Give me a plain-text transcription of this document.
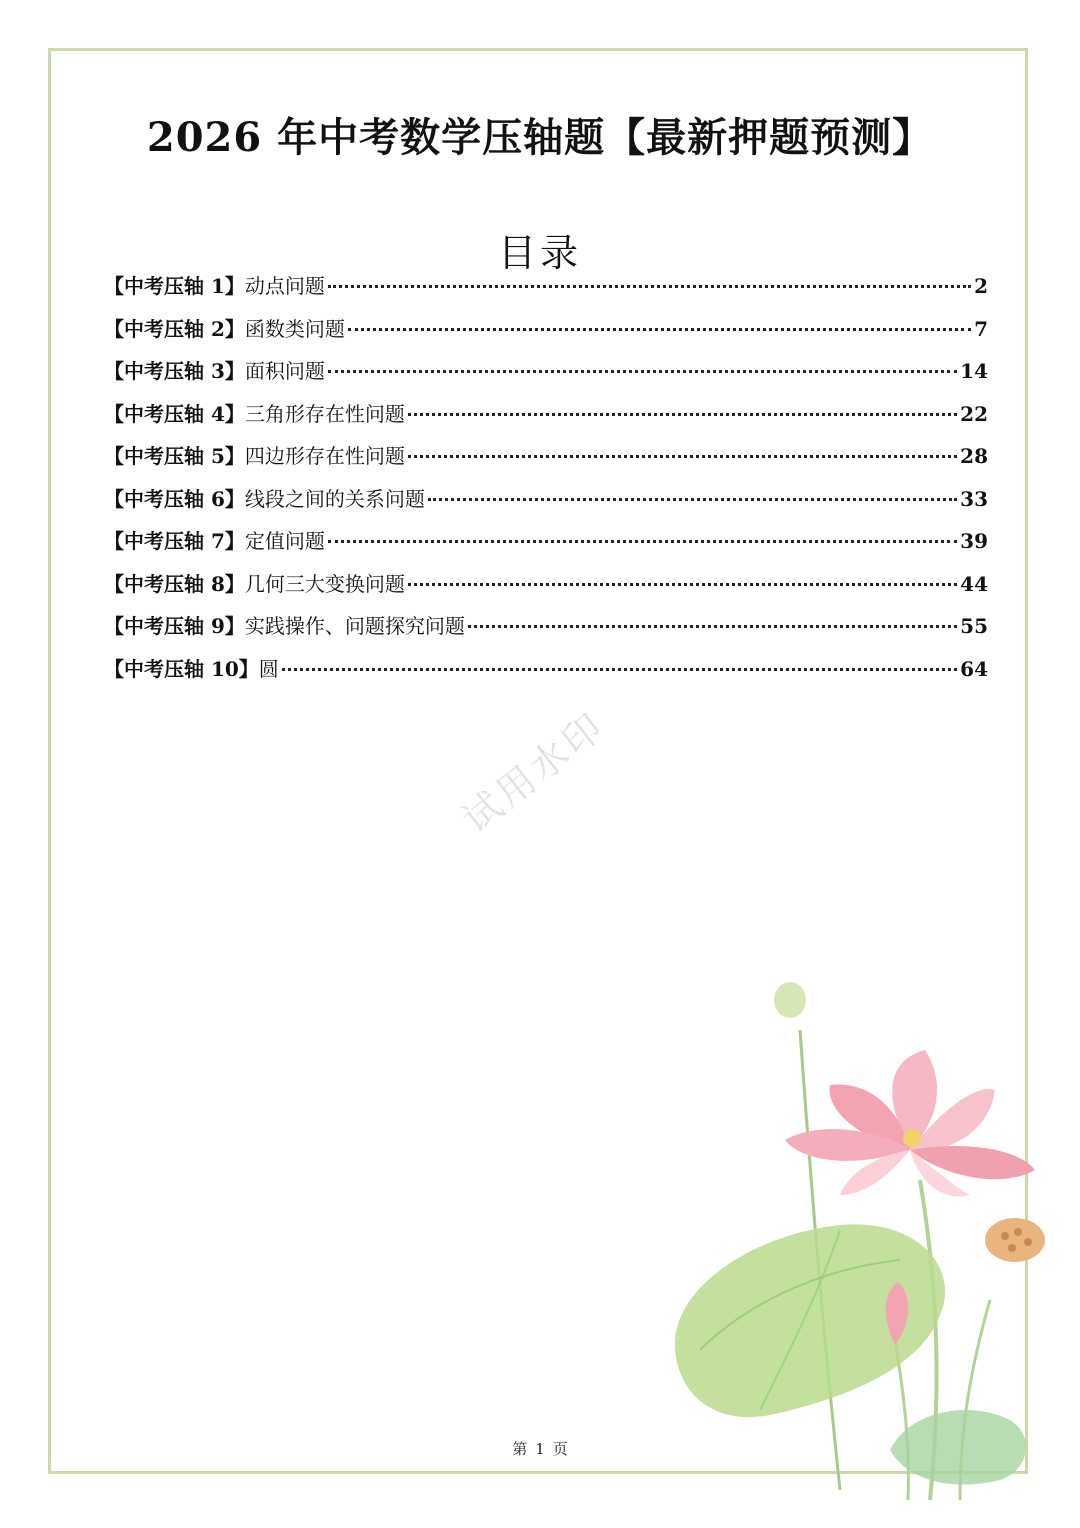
2026 年中考数学压轴题【最新押题预测】
目录
【中考压轴 1】动点问题	2
【中考压轴 2】函数类问题	7
【中考压轴 3】面积问题	14
【中考压轴 4】三角形存在性问题	22
【中考压轴 5】四边形存在性问题	28
【中考压轴 6】线段之间的关系问题	33
【中考压轴 7】定值问题	39
【中考压轴 8】几何三大变换问题	44
【中考压轴 9】实践操作、问题探究问题	55
【中考压轴 10】圆	64
试用水印
第 1 页
